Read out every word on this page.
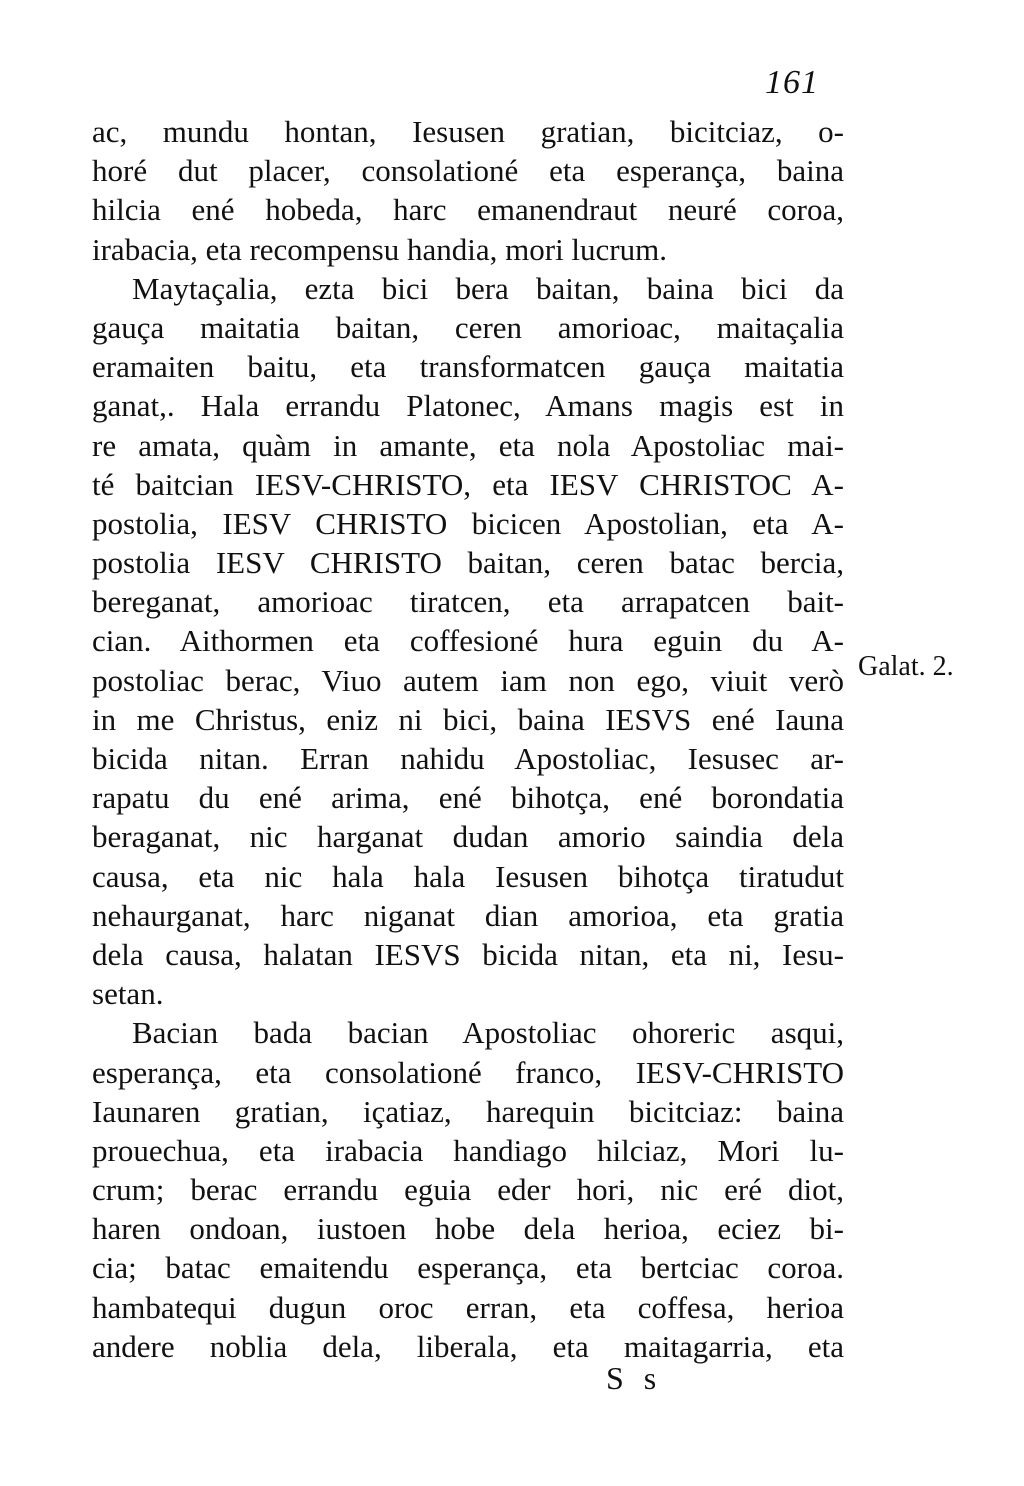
161
ac, mundu hontan, Iesusen gratian, bicitciaz, o-
horé dut placer, consolationé eta esperança, baina
hilcia ené hobeda, harc emanendraut neuré coroa,
irabacia, eta recompensu handia, mori lucrum.
Maytaçalia, ezta bici bera baitan, baina bici da
gauça maitatia baitan, ceren amorioac, maitaçalia
eramaiten baitu, eta transformatcen gauça maitatia
ganat,. Hala errandu Platonec, Amans magis est in
re amata, quàm in amante, eta nola Apostoliac mai-
té baitcian IESV-CHRISTO, eta IESV CHRISTOC A-
postolia, IESV CHRISTO bicicen Apostolian, eta A-
postolia IESV CHRISTO baitan, ceren batac bercia,
bereganat, amorioac tiratcen, eta arrapatcen bait-
cian. Aithormen eta coffesioné hura eguin du A-
postoliac berac, Viuo autem iam non ego, viuit verò
in me Christus, eniz ni bici, baina IESVS ené Iauna
bicida nitan. Erran nahidu Apostoliac, Iesusec ar-
rapatu du ené arima, ené bihotça, ené borondatia
beraganat, nic harganat dudan amorio saindia dela
causa, eta nic hala hala Iesusen bihotça tiratudut
nehaurganat, harc niganat dian amorioa, eta gratia
dela causa, halatan IESVS bicida nitan, eta ni, Iesu-
setan.
Bacian bada bacian Apostoliac ohoreric asqui,
esperança, eta consolationé franco, IESV-CHRISTO
Iaunaren gratian, içatiaz, harequin bicitciaz: baina
prouechua, eta irabacia handiago hilciaz, Mori lu-
crum; berac errandu eguia eder hori, nic eré diot,
haren ondoan, iustoen hobe dela herioa, eciez bi-
cia; batac emaitendu esperança, eta bertciac coroa.
hambatequi dugun oroc erran, eta coffesa, herioa
andere noblia dela, liberala, eta maitagarria, eta
Galat. 2.
S s
